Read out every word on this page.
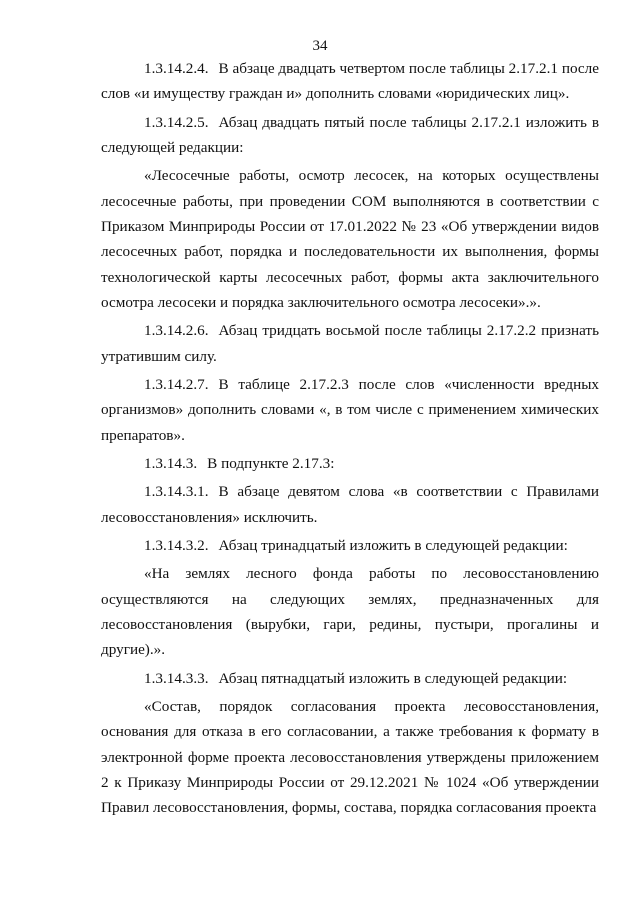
34

1.3.14.2.4. В абзаце двадцать четвертом после таблицы 2.17.2.1 после слов «и имуществу граждан и» дополнить словами «юридических лиц».

1.3.14.2.5. Абзац двадцать пятый после таблицы 2.17.2.1 изложить в следующей редакции:

«Лесосечные работы, осмотр лесосек, на которых осуществлены лесосечные работы, при проведении СОМ выполняются в соответствии с Приказом Минприроды России от 17.01.2022 № 23 «Об утверждении видов лесосечных работ, порядка и последовательности их выполнения, формы технологической карты лесосечных работ, формы акта заключительного осмотра лесосеки и порядка заключительного осмотра лесосеки».».

1.3.14.2.6. Абзац тридцать восьмой после таблицы 2.17.2.2 признать утратившим силу.

1.3.14.2.7. В таблице 2.17.2.3 после слов «численности вредных организмов» дополнить словами «, в том числе с применением химических препаратов».

1.3.14.3. В подпункте 2.17.3:

1.3.14.3.1. В абзаце девятом слова «в соответствии с Правилами лесовосстановления» исключить.

1.3.14.3.2. Абзац тринадцатый изложить в следующей редакции:

«На землях лесного фонда работы по лесовосстановлению осуществляются на следующих землях, предназначенных для лесовосстановления (вырубки, гари, редины, пустыри, прогалины и другие).».

1.3.14.3.3. Абзац пятнадцатый изложить в следующей редакции:

«Состав, порядок согласования проекта лесовосстановления, основания для отказа в его согласовании, а также требования к формату в электронной форме проекта лесовосстановления утверждены приложением 2 к Приказу Минприроды России от 29.12.2021 № 1024 «Об утверждении Правил лесовосстановления, формы, состава, порядка согласования проекта
